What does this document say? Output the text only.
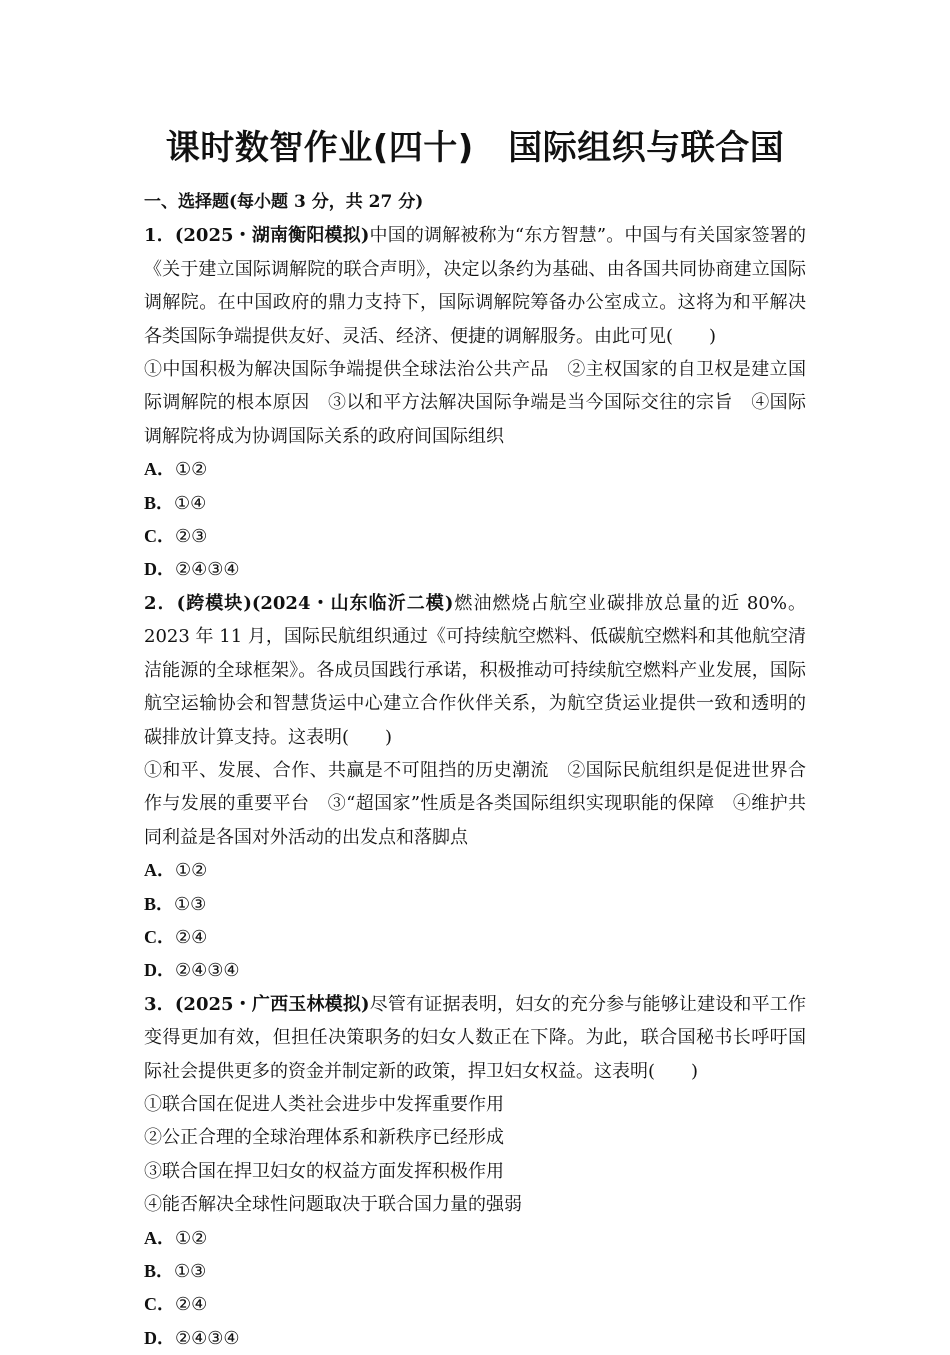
课时数智作业(四十)　国际组织与联合国
一、选择题(每小题 3 分，共 27 分)
1．(2025・湖南衡阳模拟)中国的调解被称为“东方智慧”。中国与有关国家签署的《关于建立国际调解院的联合声明》，决定以条约为基础、由各国共同协商建立国际调解院。在中国政府的鼎力支持下，国际调解院筹备办公室成立。这将为和平解决各类国际争端提供友好、灵活、经济、便捷的调解服务。由此可见(　　)
①中国积极为解决国际争端提供全球法治公共产品　②主权国家的自卫权是建立国际调解院的根本原因　③以和平方法解决国际争端是当今国际交往的宗旨　④国际调解院将成为协调国际关系的政府间国际组织
A．①②
B．①④
C．②③
D．②④③④
2．(跨模块)(2024・山东临沂二模)燃油燃烧占航空业碳排放总量的近 80%。2023 年 11 月，国际民航组织通过《可持续航空燃料、低碳航空燃料和其他航空清洁能源的全球框架》。各成员国践行承诺，积极推动可持续航空燃料产业发展，国际航空运输协会和智慧货运中心建立合作伙伴关系，为航空货运业提供一致和透明的碳排放计算支持。这表明(　　)
①和平、发展、合作、共赢是不可阻挡的历史潮流　②国际民航组织是促进世界合作与发展的重要平台　③“超国家”性质是各类国际组织实现职能的保障　④维护共同利益是各国对外活动的出发点和落脚点
A．①②
B．①③
C．②④
D．②④③④
3．(2025・广西玉林模拟)尽管有证据表明，妇女的充分参与能够让建设和平工作变得更加有效，但担任决策职务的妇女人数正在下降。为此，联合国秘书长呼吁国际社会提供更多的资金并制定新的政策，捍卫妇女权益。这表明(　　)
①联合国在促进人类社会进步中发挥重要作用
②公正合理的全球治理体系和新秩序已经形成
③联合国在捍卫妇女的权益方面发挥积极作用
④能否解决全球性问题取决于联合国力量的强弱
A．①②
B．①③
C．②④
D．②④③④
